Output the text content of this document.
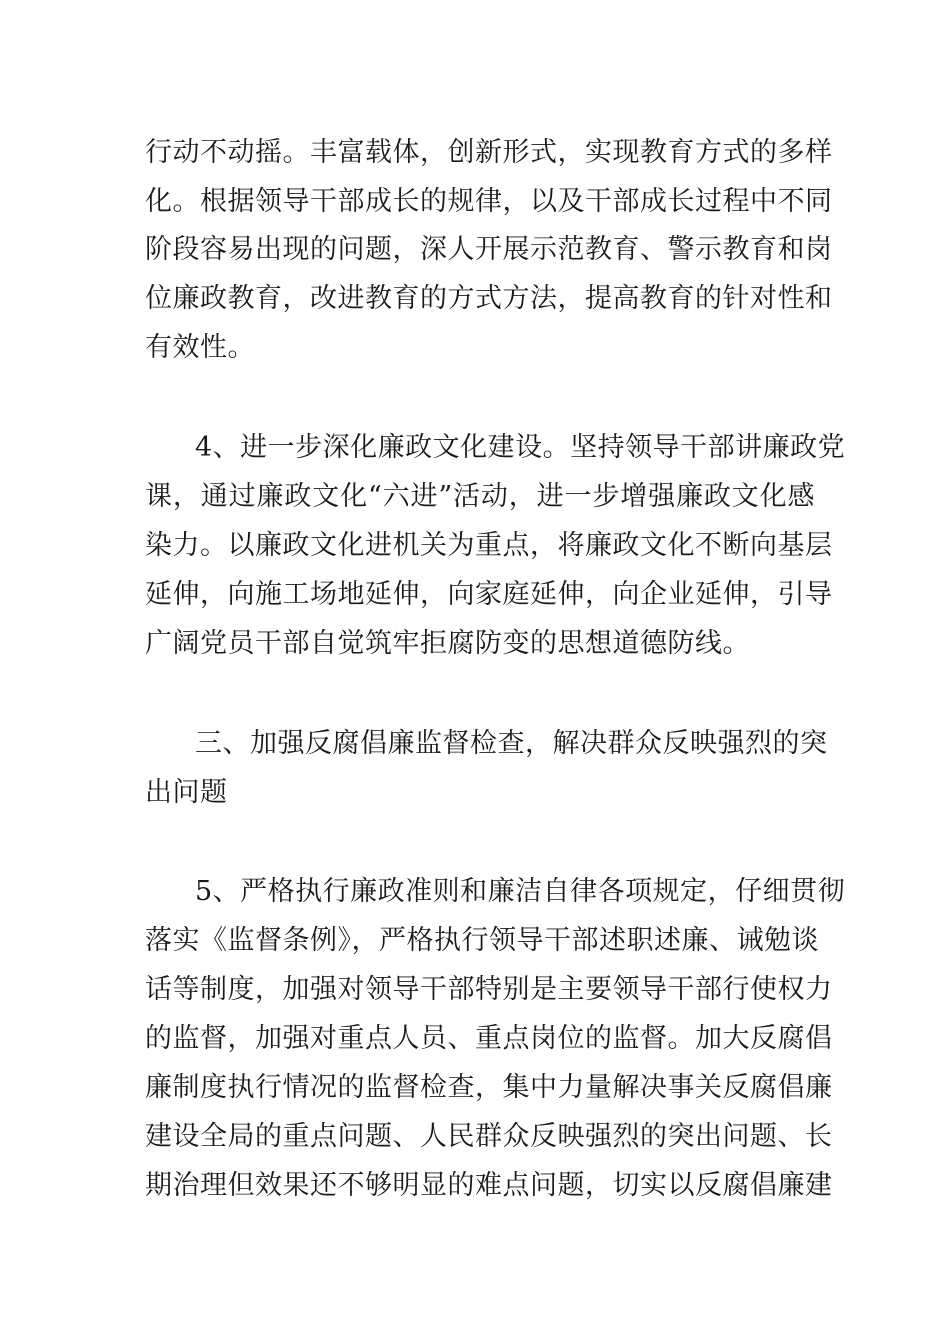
行动不动摇。丰富载体，创新形式，实现教育方式的多样
化。根据领导干部成长的规律，以及干部成长过程中不同
阶段容易出现的问题，深人开展示范教育、警示教育和岗
位廉政教育，改进教育的方式方法，提高教育的针对性和
有效性。
4、进一步深化廉政文化建设。坚持领导干部讲廉政党
课，通过廉政文化“六进”活动，进一步增强廉政文化感
染力。以廉政文化进机关为重点，将廉政文化不断向基层
延伸，向施工场地延伸，向家庭延伸，向企业延伸，引导
广阔党员干部自觉筑牢拒腐防变的思想道德防线。
三、加强反腐倡廉监督检查，解决群众反映强烈的突
出问题
5、严格执行廉政准则和廉洁自律各项规定，仔细贯彻
落实《监督条例》，严格执行领导干部述职述廉、诫勉谈
话等制度，加强对领导干部特别是主要领导干部行使权力
的监督，加强对重点人员、重点岗位的监督。加大反腐倡
廉制度执行情况的监督检查，集中力量解决事关反腐倡廉
建设全局的重点问题、人民群众反映强烈的突出问题、长
期治理但效果还不够明显的难点问题，切实以反腐倡廉建
